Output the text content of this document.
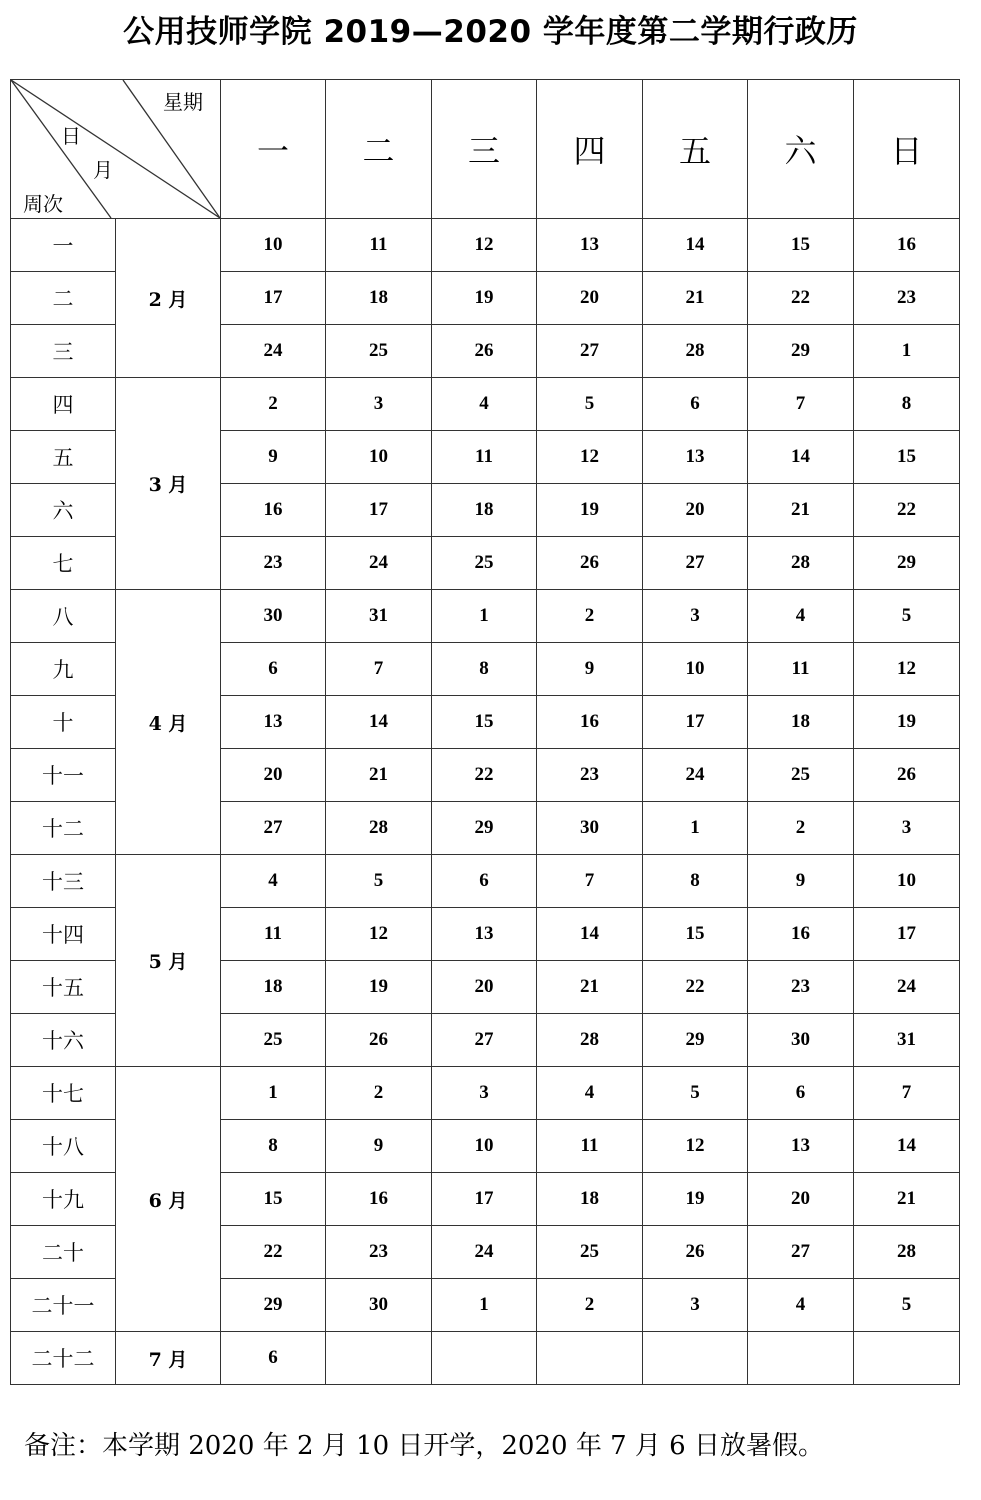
公用技师学院 2019—2020 学年度第二学期行政历
星期
日
月
周次		一	二	三	四	五	六	日
一	2 月	10	11	12	13	14	15	16
二		17	18	19	20	21	22	23
三		24	25	26	27	28	29	1
四	3 月	2	3	4	5	6	7	8
五		9	10	11	12	13	14	15
六		16	17	18	19	20	21	22
七		23	24	25	26	27	28	29
八	4 月	30	31	1	2	3	4	5
九		6	7	8	9	10	11	12
十		13	14	15	16	17	18	19
十一		20	21	22	23	24	25	26
十二		27	28	29	30	1	2	3
十三	5 月	4	5	6	7	8	9	10
十四		11	12	13	14	15	16	17
十五		18	19	20	21	22	23	24
十六		25	26	27	28	29	30	31
十七	6 月	1	2	3	4	5	6	7
十八		8	9	10	11	12	13	14
十九		15	16	17	18	19	20	21
二十		22	23	24	25	26	27	28
二十一		29	30	1	2	3	4	5
二十二	7 月	6						
备注：本学期 2020 年 2 月 10 日开学，2020 年 7 月 6 日放暑假。
